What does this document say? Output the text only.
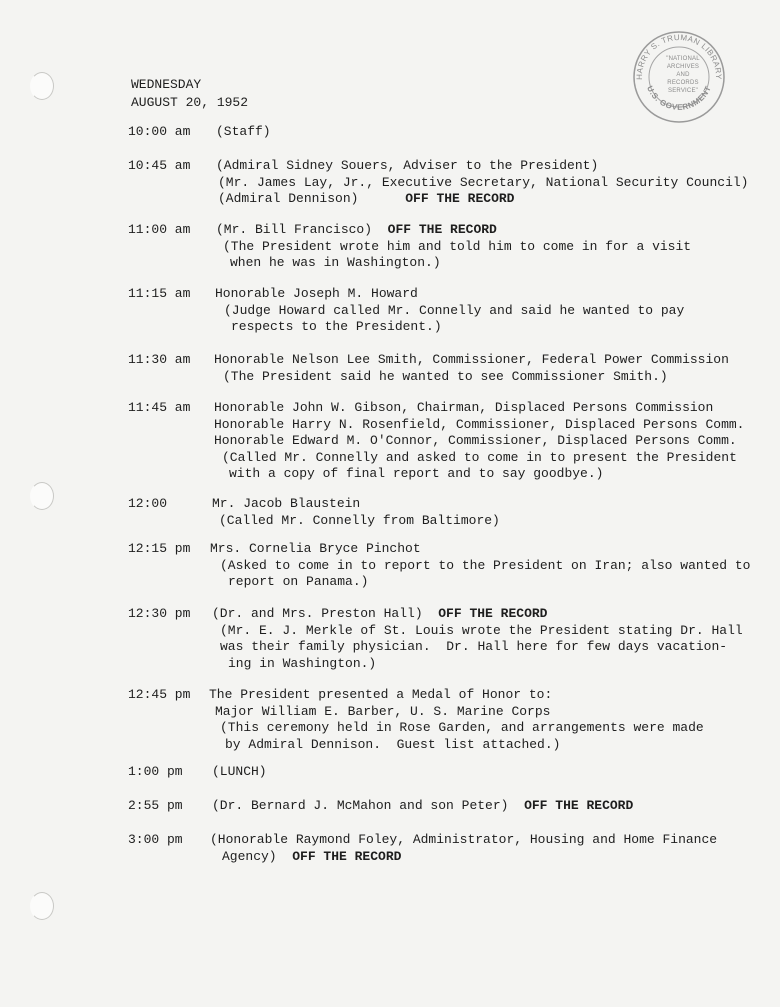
HARRY S. TRUMAN LIBRARY
U.S. GOVERNMENT
"NATIONAL ARCHIVES AND RECORDS SERVICE"
WEDNESDAY
AUGUST 20, 1952
10:00 am (Staff)
10:45 am (Admiral Sidney Souers, Adviser to the President)
(Mr. James Lay, Jr., Executive Secretary, National Security Council)
(Admiral Dennison)	OFF THE RECORD
11:00 am (Mr. Bill Francisco) OFF THE RECORD
(The President wrote him and told him to come in for a visit
when he was in Washington.)
11:15 am Honorable Joseph M. Howard
(Judge Howard called Mr. Connelly and said he wanted to pay
respects to the President.)
11:30 am Honorable Nelson Lee Smith, Commissioner, Federal Power Commission
(The President said he wanted to see Commissioner Smith.)
11:45 am Honorable John W. Gibson, Chairman, Displaced Persons Commission
Honorable Harry N. Rosenfield, Commissioner, Displaced Persons Comm.
Honorable Edward M. O'Connor, Commissioner, Displaced Persons Comm.
(Called Mr. Connelly and asked to come in to present the President
with a copy of final report and to say goodbye.)
12:00	Mr. Jacob Blaustein
(Called Mr. Connelly from Baltimore)
12:15 pm Mrs. Cornelia Bryce Pinchot
(Asked to come in to report to the President on Iran; also wanted to
report on Panama.)
12:30 pm (Dr. and Mrs. Preston Hall) OFF THE RECORD
(Mr. E. J. Merkle of St. Louis wrote the President stating Dr. Hall
was their family physician.  Dr. Hall here for few days vacation-
ing in Washington.)
12:45 pm The President presented a Medal of Honor to:
Major William E. Barber, U. S. Marine Corps
(This ceremony held in Rose Garden, and arrangements were made
by Admiral Dennison.  Guest list attached.)
1:00 pm (LUNCH)
2:55 pm (Dr. Bernard J. McMahon and son Peter) OFF THE RECORD
3:00 pm (Honorable Raymond Foley, Administrator, Housing and Home Finance
Agency) OFF THE RECORD
